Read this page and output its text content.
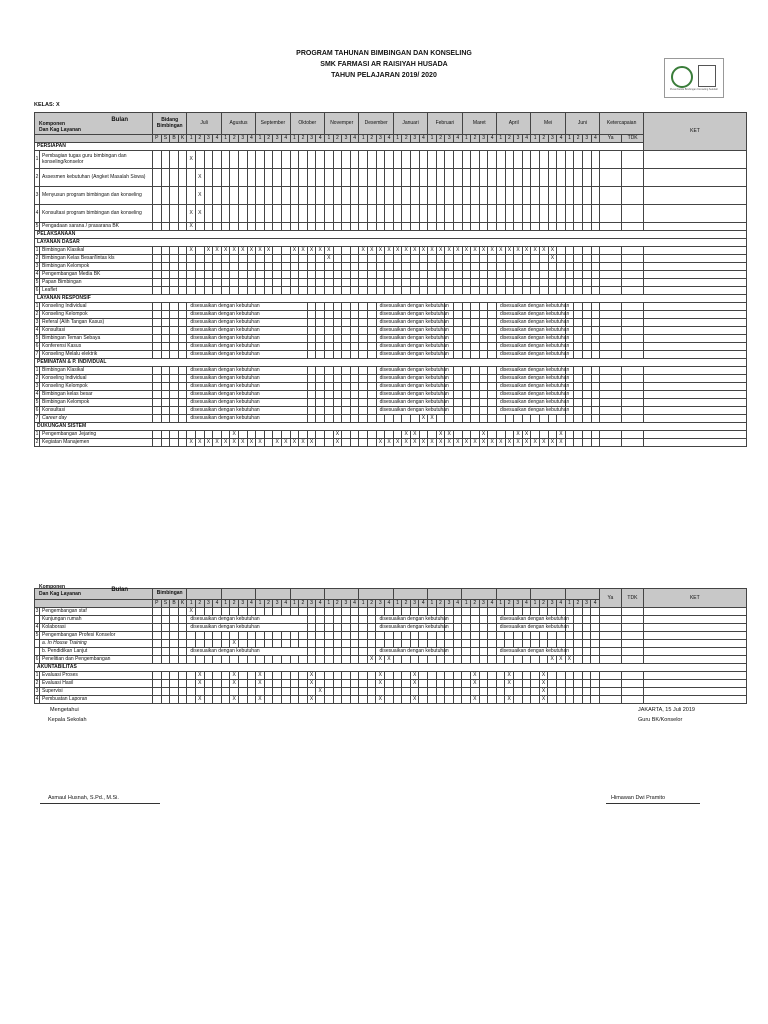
PROGRAM TAHUNAN BIMBINGAN DAN KONSELING
SMK FARMASI AR RAISIYAH HUSADA
TAHUN PELAJARAN 2019/ 2020
Pusat Kelola Bimbingan Konseling Sekolah
KELAS: X
Komponen
Dan Kag Layanan
Bulan		Bidang Bimbingan				Juli				Agustus				September				Oktober				Novemper				Desember				Januari				Februari				Maret				April				Mei				Juni				Ketercapaian		KET
		P	S	B	K	1	2	3	4	1	2	3	4	1	2	3	4	1	2	3	4	1	2	3	4	1	2	3	4	1	2	3	4	1	2	3	4	1	2	3	4	1	2	3	4	1	2	3	4	1	2	3	4	Ya	TDK	
PERSIAPAN																																																								
1	Pembagian tugas guru bimbingan dan konseling/konselor					X																																																		
2	Assesmen kebutuhan (Angket Masalah Siswa)						X																																																	
3	Menyusun program bimbingan dan konseling						X																																																	
4	Konsultasi program bimbingan dan konseling					X	X																																																	
5	Pengadaan sarana / prasarana BK					X																																																		
PELAKSANAAN																																																								
LAYANAN DASAR																																																								
1	Bimbingan Klasikal					X		X	X	X	X	X	X	X	X			X	X	X	X	X				X	X	X	X	X	X	X	X	X	X	X	X	X	X	X	X	X	X	X	X	X	X	X								
2	Bimbingan Kelas Besar/lintas kls																					X																										X								
3	Bimbingan Kelompok																																																							
4	Pengembangan Media BK																																																							
5	Papan Bimbingan																																																							
6	Leaflet																																																							
LAYANAN RESPONSIF																																																								
1	Konseling Individual					disesuaikan dengan kebutuhan																						disesuaikan dengan kebutuhan														disesuaikan dengan kebutuhan														
2	Konseling Kelompok					disesuaikan dengan kebutuhan																						disesuaikan dengan kebutuhan														disesuaikan dengan kebutuhan														
3	Referal (Alih Tangan Kasus)					disesuaikan dengan kebutuhan																						disesuaikan dengan kebutuhan														disesuaikan dengan kebutuhan														
4	Konsultasi					disesuaikan dengan kebutuhan																						disesuaikan dengan kebutuhan														disesuaikan dengan kebutuhan														
5	Bimbingan Teman Sebaya					disesuaikan dengan kebutuhan																						disesuaikan dengan kebutuhan														disesuaikan dengan kebutuhan														
6	Konferensi Kasus					disesuaikan dengan kebutuhan																						disesuaikan dengan kebutuhan														disesuaikan dengan kebutuhan														
7	Konseling Melalu elektrik					disesuaikan dengan kebutuhan																						disesuaikan dengan kebutuhan														disesuaikan dengan kebutuhan														
PEMINATAN & P. INDIVIDUAL																																																								
1	Bimbingan Klasikal					disesuaikan dengan kebutuhan																						disesuaikan dengan kebutuhan														disesuaikan dengan kebutuhan														
2	Konseling Individual					disesuaikan dengan kebutuhan																						disesuaikan dengan kebutuhan														disesuaikan dengan kebutuhan														
3	Konseling Kelompok					disesuaikan dengan kebutuhan																						disesuaikan dengan kebutuhan														disesuaikan dengan kebutuhan														
4	Bimbingan kelas besar					disesuaikan dengan kebutuhan																						disesuaikan dengan kebutuhan														disesuaikan dengan kebutuhan														
5	Bimbingan Kelompok					disesuaikan dengan kebutuhan																						disesuaikan dengan kebutuhan														disesuaikan dengan kebutuhan														
6	Konsultasi					disesuaikan dengan kebutuhan																						disesuaikan dengan kebutuhan														disesuaikan dengan kebutuhan														
7	Career day					disesuaikan dengan kebutuhan																											X	X																						
DUKUNGAN SISTEM																																																								
1	Pengembangan Jejaring										X												X								X	X			X	X				X				X	X				X							
2	Kegiatan Manajemen					X	X	X	X	X	X	X	X	X		X	X	X	X	X			X					X	X	X	X	X	X	X	X	X	X	X	X	X	X	X	X	X	X	X	X	X	X							
Komponen
Dan Kag Layanan
Bulan		Bimbingan																																																				Ya	TDK	KET
		P	S	B	K	1	2	3	4	1	2	3	4	1	2	3	4	1	2	3	4	1	2	3	4	1	2	3	4	1	2	3	4	1	2	3	4	1	2	3	4	1	2	3	4	1	2	3	4	1	2	3	4			
3	Pengembangan staf					X																																																		
	Kunjungan rumah					disesuaikan dengan kebutuhan																						disesuaikan dengan kebutuhan														disesuaikan dengan kebutuhan														
4	Kolaborasi					disesuaikan dengan kebutuhan																						disesuaikan dengan kebutuhan														disesuaikan dengan kebutuhan														
5	Pengembangan Profesi Konselor																																																							
	a. In House Training										X																																													
	b. Pendidikan Lanjut					disesuaikan dengan kebutuhan																						disesuaikan dengan kebutuhan														disesuaikan dengan kebutuhan														
6	Penelitian dan Pengembangan																										X	X	X																			X	X	X						
AKUNTABILITAS																																																								
1	Evaluasi Proses						X				X			X						X								X				X							X				X				X									
2	Evaluasi Hasil						X				X			X						X								X				X							X				X				X									
3	Supervisi																				X																										X									
4	Pembuatan Laporan						X				X			X						X								X				X							X				X				X									
Mengetahui
Kepala Sekolah
JAKARTA, 15 Juli 2019
Guru BK/Konselor
Asmaul Husnah, S.Pd., M.Si.	Himawan Dwi Pramito
